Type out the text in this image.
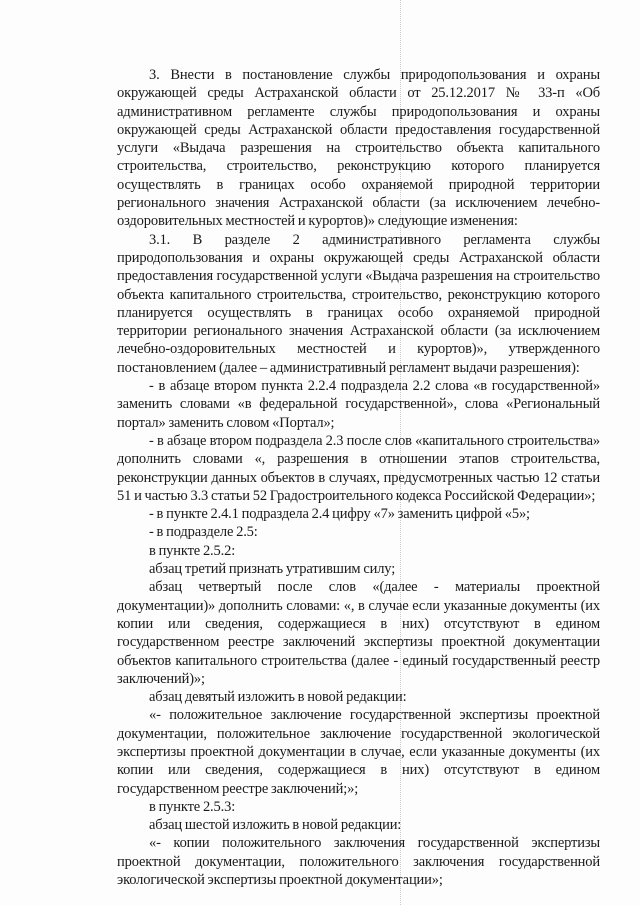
3. Внести в постановление службы природопользования и охраны окружающей среды Астраханской области от 25.12.2017 № 33-п «Об административном регламенте службы природопользования и охраны окружающей среды Астраханской области предоставления государственной услуги «Выдача разрешения на строительство объекта капитального строительства, строительство, реконструкцию которого планируется осуществлять в границах особо охраняемой природной территории регионального значения Астраханской области (за исключением лечебно-оздоровительных местностей и курортов)» следующие изменения:

3.1. В разделе 2 административного регламента службы природопользования и охраны окружающей среды Астраханской области предоставления государственной услуги «Выдача разрешения на строительство объекта капитального строительства, строительство, реконструкцию которого планируется осуществлять в границах особо охраняемой природной территории регионального значения Астраханской области (за исключением лечебно-оздоровительных местностей и курортов)», утвержденного постановлением (далее – административный регламент выдачи разрешения):

- в абзаце втором пункта 2.2.4 подраздела 2.2 слова «в государственной» заменить словами «в федеральной государственной», слова «Региональный портал» заменить словом «Портал»;

- в абзаце втором подраздела 2.3 после слов «капитального строительства» дополнить словами «, разрешения в отношении этапов строительства, реконструкции данных объектов в случаях, предусмотренных частью 12 статьи 51 и частью 3.3 статьи 52 Градостроительного кодекса Российской Федерации»;

- в пункте 2.4.1 подраздела 2.4 цифру «7» заменить цифрой «5»;

- в подразделе 2.5:

в пункте 2.5.2:

абзац третий признать утратившим силу;

абзац четвертый после слов «(далее - материалы проектной документации)» дополнить словами: «, в случае если указанные документы (их копии или сведения, содержащиеся в них) отсутствуют в едином государственном реестре заключений экспертизы проектной документации объектов капитального строительства (далее - единый государственный реестр заключений)»;

абзац девятый изложить в новой редакции:

«- положительное заключение государственной экспертизы проектной документации, положительное заключение государственной экологической экспертизы проектной документации в случае, если указанные документы (их копии или сведения, содержащиеся в них) отсутствуют в едином государственном реестре заключений;»;

в пункте 2.5.3:

абзац шестой изложить в новой редакции:

«- копии положительного заключения государственной экспертизы проектной документации, положительного заключения государственной экологической экспертизы проектной документации»;
